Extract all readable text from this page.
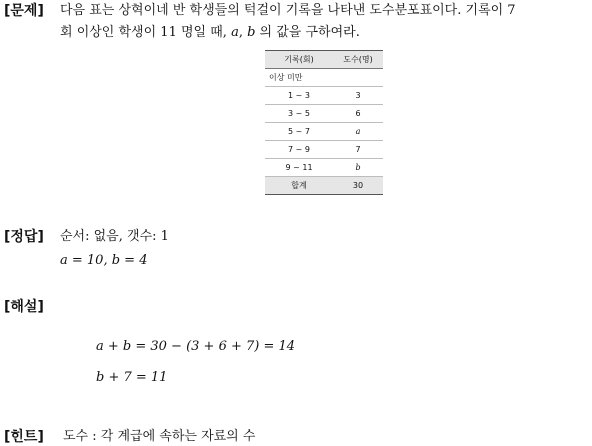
[문제] 다음 표는 상혁이네 반 학생들의 턱걸이 기록을 나타낸 도수분포표이다. 기록이 7
회 이상인 학생이 11 명일 때, a, b 의 값을 구하여라.
기록(회)	도수(명)
이상 미만	
1 ~ 3	3
3 ~ 5	6
5 ~ 7	a
7 ~ 9	7
9 ~ 11	b
합계	30
[정답] 순서: 없음, 갯수: 1
a = 10, b = 4
[해설]
a + b = 30 − (3 + 6 + 7) = 14
b + 7 = 11
[힌트] 도수 : 각 계급에 속하는 자료의 수
